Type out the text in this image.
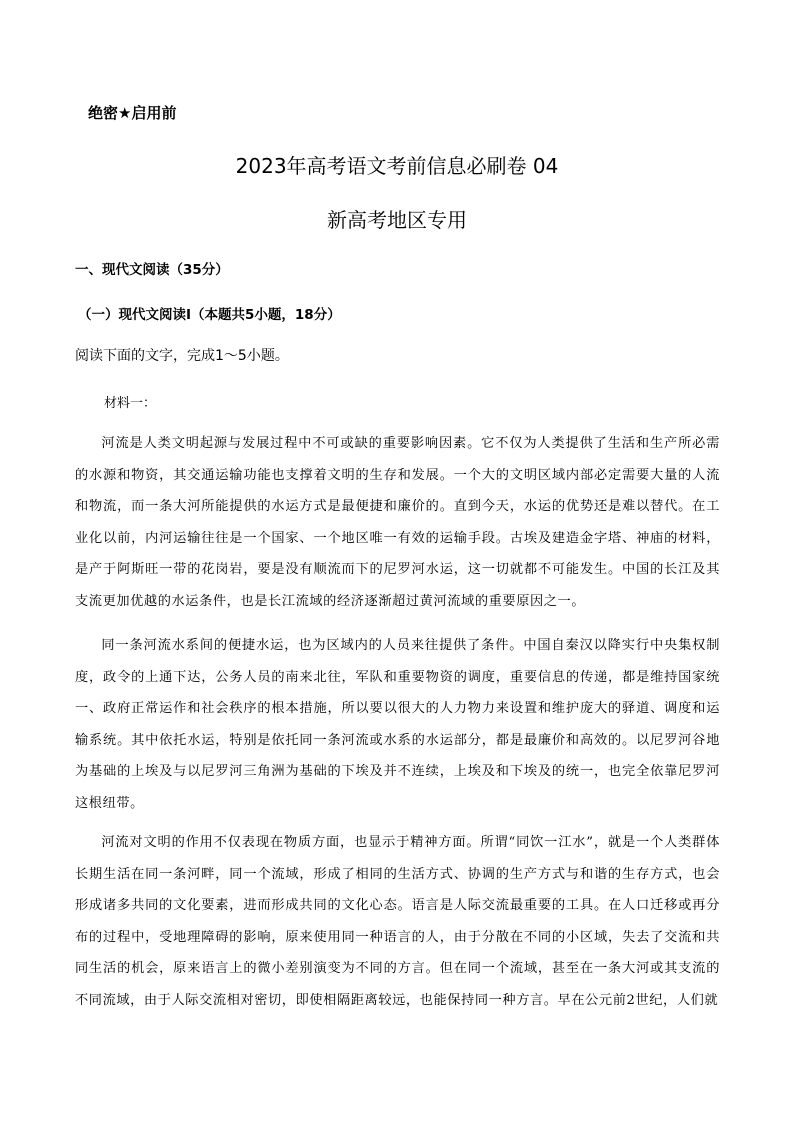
绝密★启用前
2023年高考语文考前信息必刷卷 04
新高考地区专用
一、现代文阅读（35分）
（一）现代文阅读Ⅰ（本题共5小题，18分）
阅读下面的文字，完成1～5小题。
材料一：

河流是人类文明起源与发展过程中不可或缺的重要影响因素。它不仅为人类提供了生活和生产所必需的水源和物资，其交通运输功能也支撑着文明的生存和发展。一个大的文明区域内部必定需要大量的人流和物流，而一条大河所能提供的水运方式是最便捷和廉价的。直到今天，水运的优势还是难以替代。在工业化以前，内河运输往往是一个国家、一个地区唯一有效的运输手段。古埃及建造金字塔、神庙的材料，是产于阿斯旺一带的花岗岩，要是没有顺流而下的尼罗河水运，这一切就都不可能发生。中国的长江及其支流更加优越的水运条件，也是长江流域的经济逐渐超过黄河流域的重要原因之一。

同一条河流水系间的便捷水运，也为区域内的人员来往提供了条件。中国自秦汉以降实行中央集权制度，政令的上通下达，公务人员的南来北往，军队和重要物资的调度，重要信息的传递，都是维持国家统一、政府正常运作和社会秩序的根本措施，所以要以很大的人力物力来设置和维护庞大的驿道、调度和运输系统。其中依托水运，特别是依托同一条河流或水系的水运部分，都是最廉价和高效的。以尼罗河谷地为基础的上埃及与以尼罗河三角洲为基础的下埃及并不连续，上埃及和下埃及的统一，也完全依靠尼罗河这根纽带。

河流对文明的作用不仅表现在物质方面，也显示于精神方面。所谓“同饮一江水”，就是一个人类群体长期生活在同一条河畔，同一个流域，形成了相同的生活方式、协调的生产方式与和谐的生存方式，也会形成诸多共同的文化要素，进而形成共同的文化心态。语言是人际交流最重要的工具。在人口迁移或再分布的过程中，受地理障碍的影响，原来使用同一种语言的人，由于分散在不同的小区域，失去了交流和共同生活的机会，原来语言上的微小差别演变为不同的方言。但在同一个流域，甚至在一条大河或其支流的不同流域，由于人际交流相对密切，即使相隔距离较远，也能保持同一种方言。早在公元前2世纪，人们就
